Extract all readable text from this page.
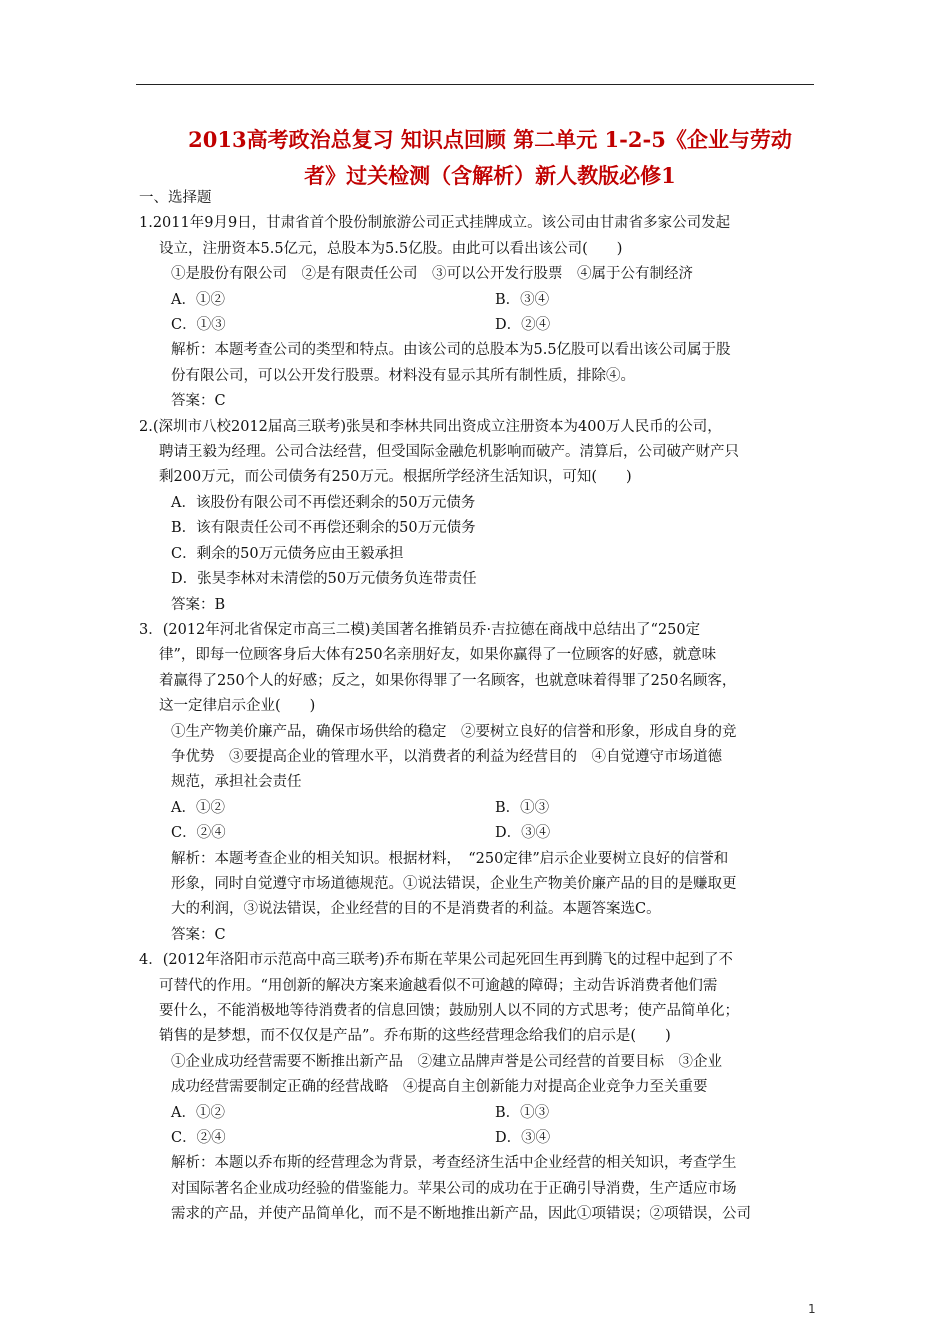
2013高考政治总复习 知识点回顾 第二单元 1-2-5《企业与劳动
者》过关检测（含解析）新人教版必修1

一、选择题

1.2011年9月9日，甘肃省首个股份制旅游公司正式挂牌成立。该公司由甘肃省多家公司发起

设立，注册资本5.5亿元，总股本为5.5亿股。由此可以看出该公司(　　)

①是股份有限公司　②是有限责任公司　③可以公开发行股票　④属于公有制经济

A．①②	B．③④
C．①③	D．②④

解析：本题考查公司的类型和特点。由该公司的总股本为5.5亿股可以看出该公司属于股

份有限公司，可以公开发行股票。材料没有显示其所有制性质，排除④。

答案：C

2.(深圳市八校2012届高三联考)张昊和李林共同出资成立注册资本为400万人民币的公司，

聘请王毅为经理。公司合法经营，但受国际金融危机影响而破产。清算后，公司破产财产只

剩200万元，而公司债务有250万元。根据所学经济生活知识，可知(　　)

A．该股份有限公司不再偿还剩余的50万元债务

B．该有限责任公司不再偿还剩余的50万元债务

C．剩余的50万元债务应由王毅承担

D．张昊李林对未清偿的50万元债务负连带责任

答案：B

3．(2012年河北省保定市高三二模)美国著名推销员乔·吉拉德在商战中总结出了“250定

律”，即每一位顾客身后大体有250名亲朋好友，如果你赢得了一位顾客的好感，就意味

着赢得了250个人的好感；反之，如果你得罪了一名顾客，也就意味着得罪了250名顾客，

这一定律启示企业(　　)

①生产物美价廉产品，确保市场供给的稳定　②要树立良好的信誉和形象，形成自身的竞

争优势　③要提高企业的管理水平，以消费者的利益为经营目的　④自觉遵守市场道德

规范，承担社会责任

A．①②	B．①③
C．②④	D．③④

解析：本题考查企业的相关知识。根据材料，　“250定律”启示企业要树立良好的信誉和

形象，同时自觉遵守市场道德规范。①说法错误，企业生产物美价廉产品的目的是赚取更

大的利润，③说法错误，企业经营的目的不是消费者的利益。本题答案选C。

答案：C

4．(2012年洛阳市示范高中高三联考)乔布斯在苹果公司起死回生再到腾飞的过程中起到了不

可替代的作用。“用创新的解决方案来逾越看似不可逾越的障碍；主动告诉消费者他们需

要什么，不能消极地等待消费者的信息回馈；鼓励别人以不同的方式思考；使产品简单化；

销售的是梦想，而不仅仅是产品”。乔布斯的这些经营理念给我们的启示是(　　)

①企业成功经营需要不断推出新产品　②建立品牌声誉是公司经营的首要目标　③企业

成功经营需要制定正确的经营战略　④提高自主创新能力对提高企业竞争力至关重要

A．①②	B．①③
C．②④	D．③④

解析：本题以乔布斯的经营理念为背景，考查经济生活中企业经营的相关知识，考查学生

对国际著名企业成功经验的借鉴能力。苹果公司的成功在于正确引导消费，生产适应市场

需求的产品，并使产品简单化，而不是不断地推出新产品，因此①项错误；②项错误，公司

1
